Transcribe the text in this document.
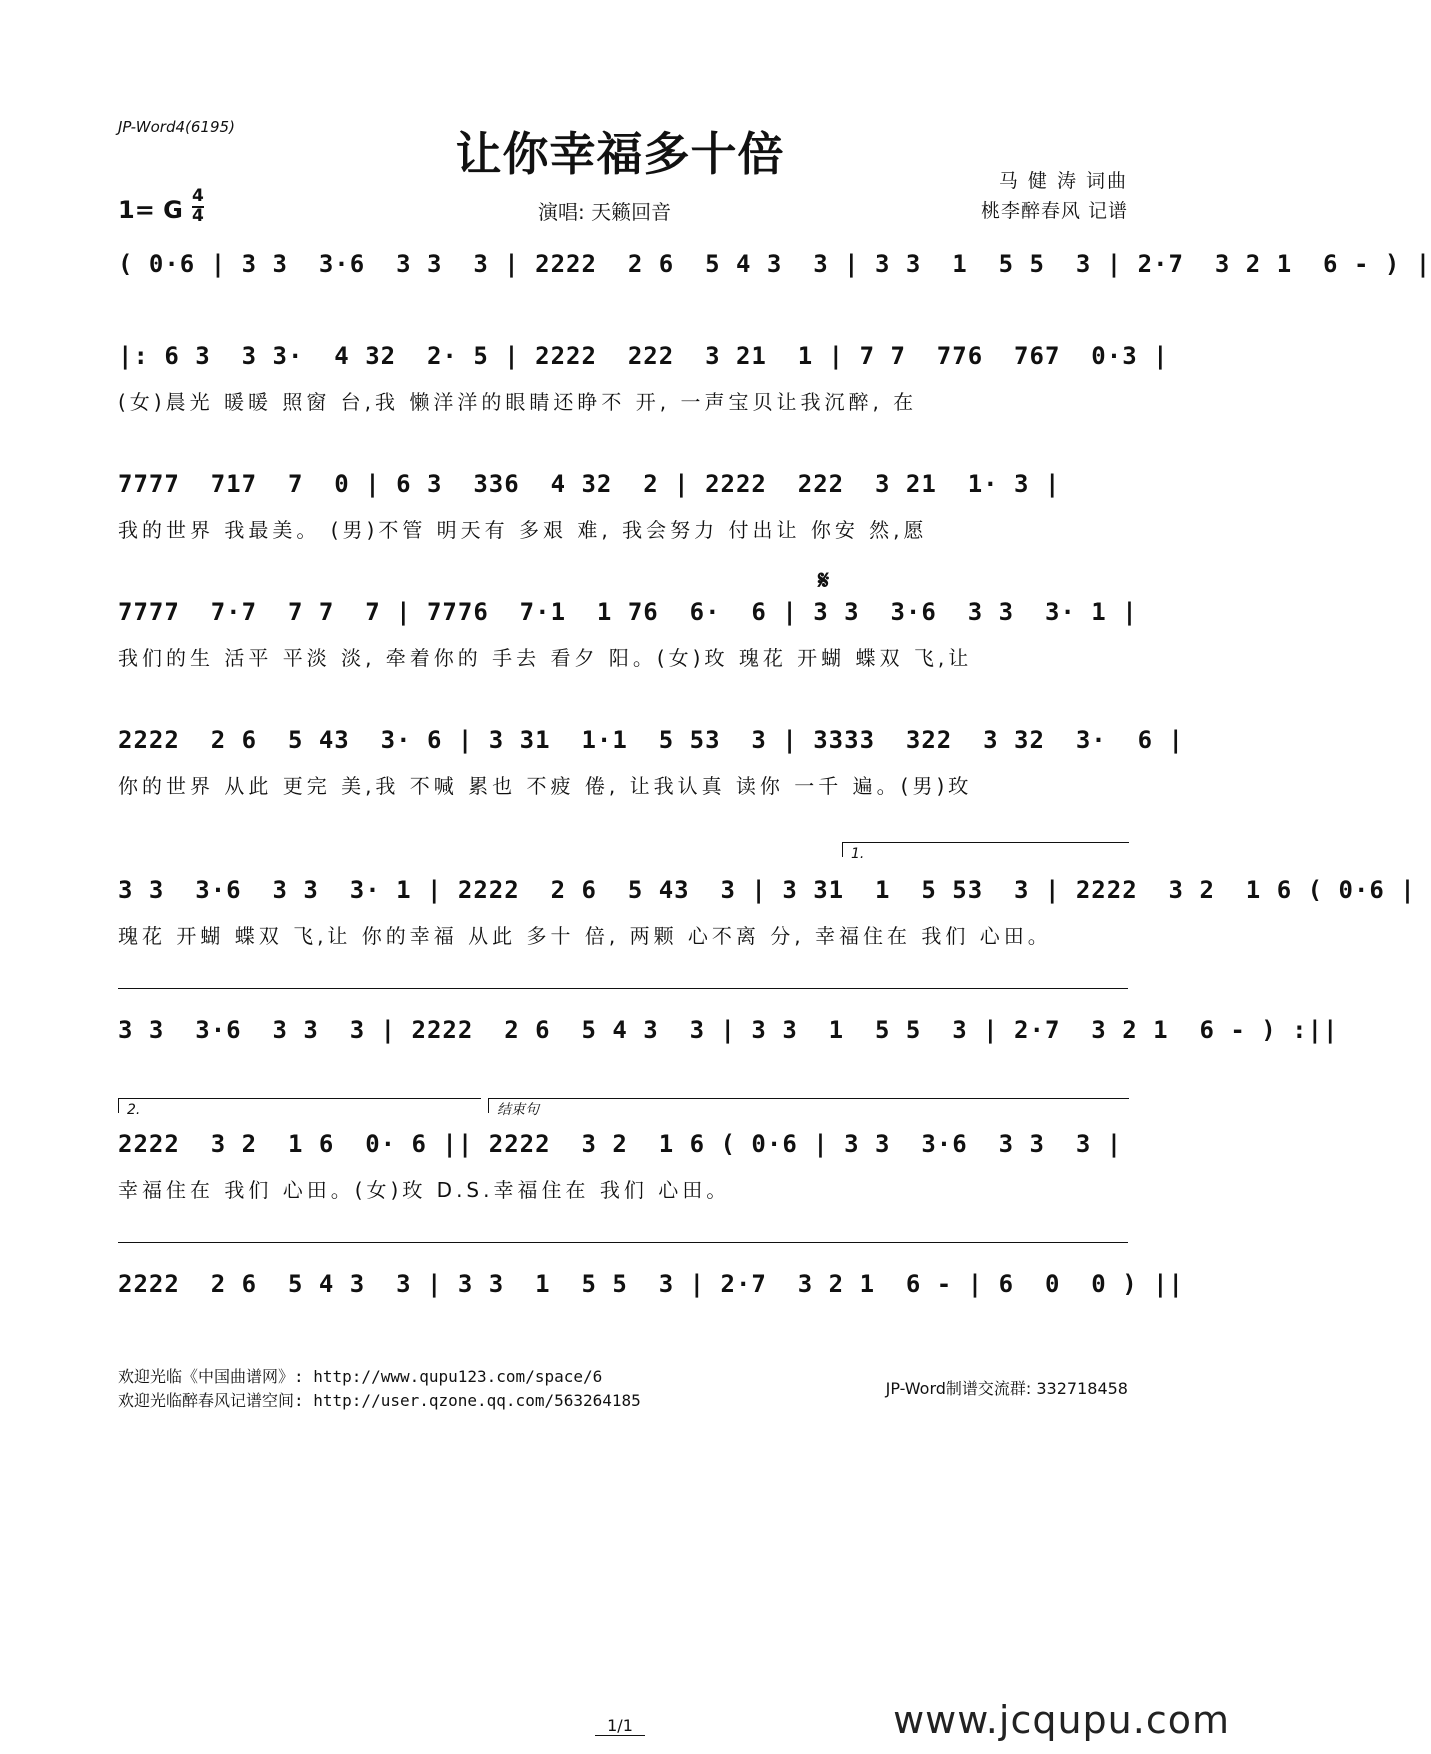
JP-Word4(6195)	让你幸福多十倍	马 健 涛 词曲
桃李醉春风 记谱
1= G 4
4	演唱: 天籁回音
( 0·6 | 3 3  3·6  3 3  3 | 2222  2 6  5 4 3  3 | 3 3  1  5 5  3 | 2·7  3 2 1  6 - ) |
|: 6 3  3 3·  4 32  2· 5 | 2222  222  3 21  1 | 7 7  776  767  0·3 |
(女)晨光 暖暖 照窗 台,我 懒洋洋的眼睛还睁不 开, 一声宝贝让我沉醉, 在
7777  717  7  0 | 6 3  336  4 32  2 | 2222  222  3 21  1· 3 |
我的世界 我最美。 (男)不管 明天有 多艰 难, 我会努力 付出让 你安 然,愿
𝄋
7777  7·7  7 7  7 | 7776  7·1  1 76  6·  6 | 3 3  3·6  3 3  3· 1 |
我们的生 活平 平淡 淡, 牵着你的 手去 看夕 阳。(女)玫 瑰花 开蝴 蝶双 飞,让
2222  2 6  5 43  3· 6 | 3 31  1·1  5 53  3 | 3333  322  3 32  3·  6 |
你的世界 从此 更完 美,我 不喊 累也 不疲 倦, 让我认真 读你 一千 遍。(男)玫
1.
3 3  3·6  3 3  3· 1 | 2222  2 6  5 43  3 | 3 31  1  5 53  3 | 2222  3 2  1 6 ( 0·6 |
瑰花 开蝴 蝶双 飞,让 你的幸福 从此 多十 倍, 两颗 心不离 分, 幸福住在 我们 心田。
3 3  3·6  3 3  3 | 2222  2 6  5 4 3  3 | 3 3  1  5 5  3 | 2·7  3 2 1  6 - ) :||
2.	结束句
2222  3 2  1 6  0· 6 || 2222  3 2  1 6 ( 0·6 | 3 3  3·6  3 3  3 |
幸福住在 我们 心田。(女)玫 D.S.幸福住在 我们 心田。
2222  2 6  5 4 3  3 | 3 3  1  5 5  3 | 2·7  3 2 1  6 - | 6  0  0 ) ||
欢迎光临《中国曲谱网》: http://www.qupu123.com/space/6
欢迎光临醉春风记谱空间: http://user.qzone.qq.com/563264185
JP-Word制谱交流群: 332718458
1/1	www.jcqupu.com
